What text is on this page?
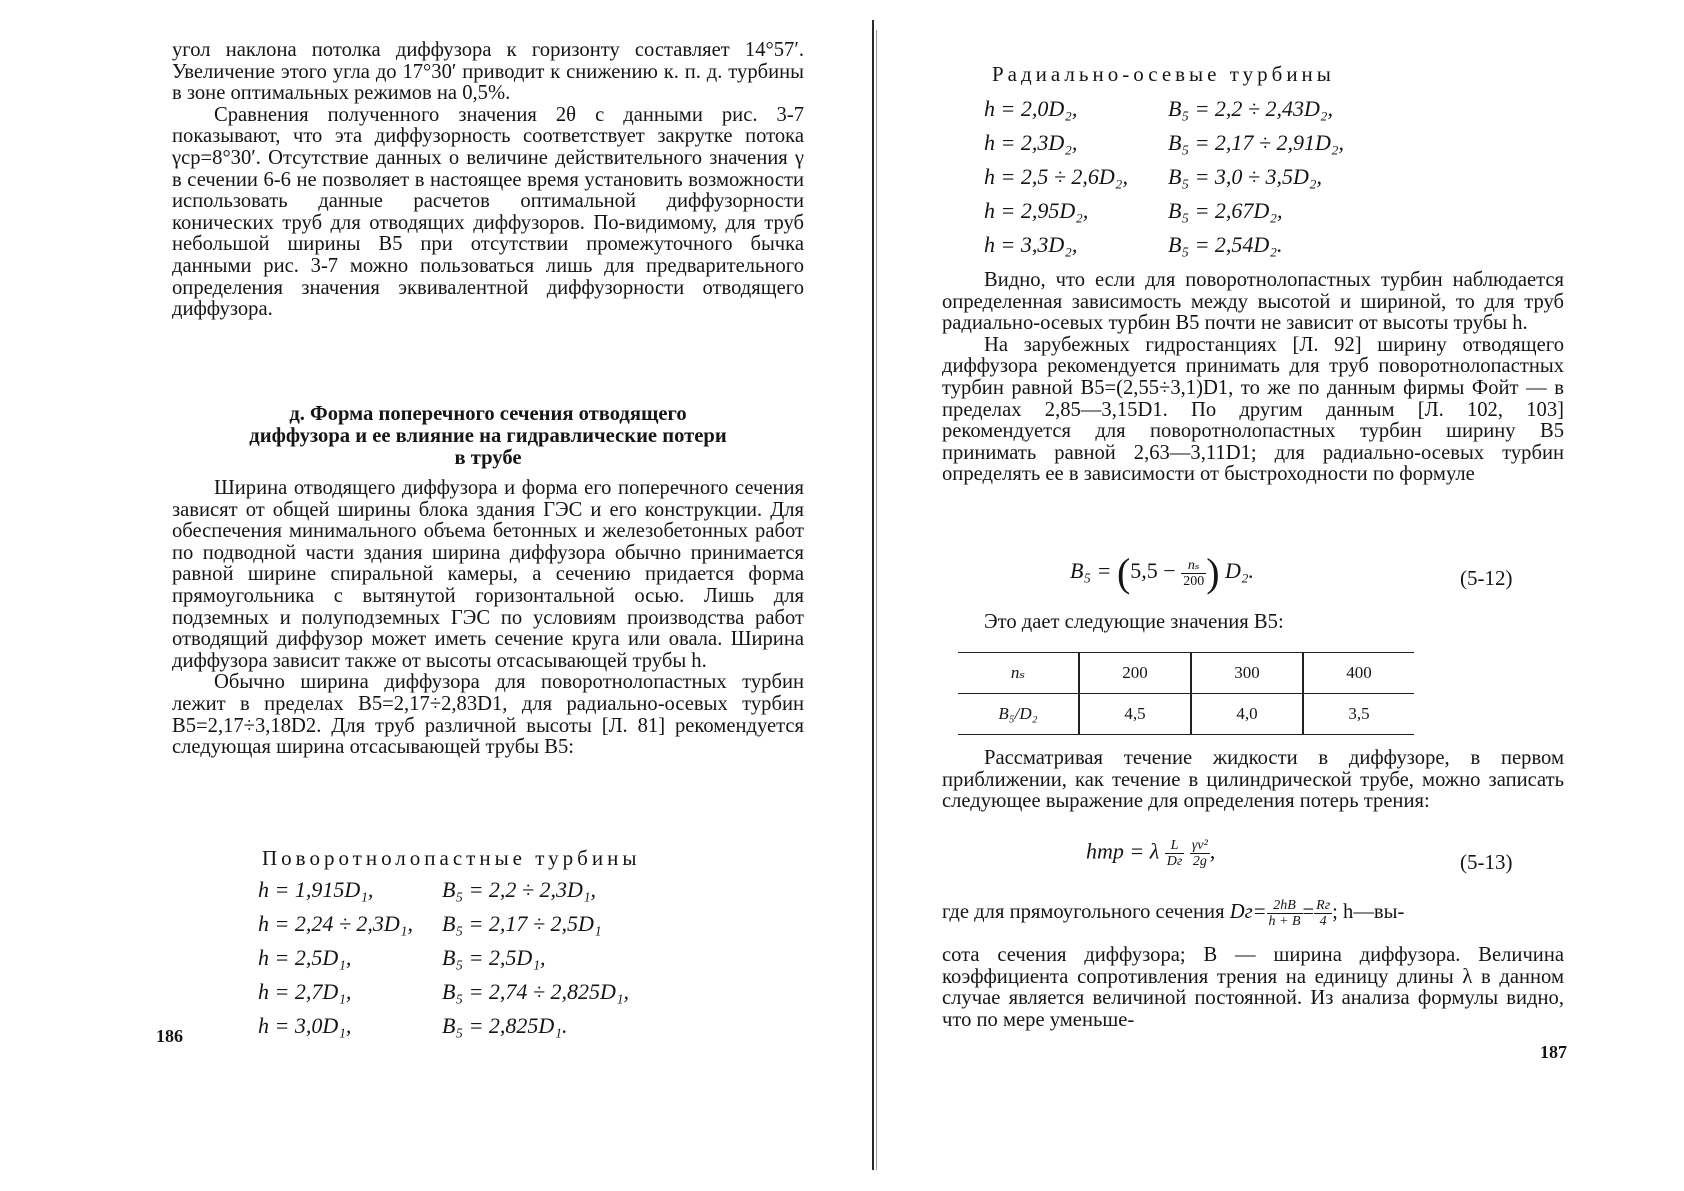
угол наклона потолка диффузора к горизонту составляет 14°57′. Увеличение этого угла до 17°30′ приводит к снижению к. п. д. турбины в зоне оптимальных режимов на 0,5%.

Сравнения полученного значения 2θ с данными рис. 3-7 показывают, что эта диффузорность соответствует закрутке потока γср=8°30′. Отсутствие данных о величине действительного значения γ в сечении 6-6 не позволяет в настоящее время установить возможности использовать данные расчетов оптимальной диффузорности конических труб для отводящих диффузоров. По-видимому, для труб небольшой ширины B5 при отсутствии промежуточного бычка данными рис. 3-7 можно пользоваться лишь для предварительного определения значения эквивалентной диффузорности отводящего диффузора.

д. Форма поперечного сечения отводящего
диффузора и ее влияние на гидравлические потери
в трубе

Ширина отводящего диффузора и форма его поперечного сечения зависят от общей ширины блока здания ГЭС и его конструкции. Для обеспечения минимального объема бетонных и железобетонных работ по подводной части здания ширина диффузора обычно принимается равной ширине спиральной камеры, а сечению придается форма прямоугольника с вытянутой горизонтальной осью. Лишь для подземных и полуподземных ГЭС по условиям производства работ отводящий диффузор может иметь сечение круга или овала. Ширина диффузора зависит также от высоты отсасывающей трубы h.

Обычно ширина диффузора для поворотнолопастных турбин лежит в пределах B5=2,17÷2,83D1, для радиально-осевых турбин B5=2,17÷3,18D2. Для труб различной высоты [Л. 81] рекомендуется следующая ширина отсасывающей трубы B5:

Поворотнолопастные турбины
h = 1,915D₁,	B₅ = 2,2 ÷ 2,3D₁,
h = 2,24 ÷ 2,3D₁,	B₅ = 2,17 ÷ 2,5D₁
h = 2,5D₁,	B₅ = 2,5D₁,
h = 2,7D₁,	B₅ = 2,74 ÷ 2,825D₁,
h = 3,0D₁,	B₅ = 2,825D₁.
186
Радиально-осевые турбины
h = 2,0D₂,	B₅ = 2,2 ÷ 2,43D₂,
h = 2,3D₂,	B₅ = 2,17 ÷ 2,91D₂,
h = 2,5 ÷ 2,6D₂,	B₅ = 3,0 ÷ 3,5D₂,
h = 2,95D₂,	B₅ = 2,67D₂,
h = 3,3D₂,	B₅ = 2,54D₂.

Видно, что если для поворотнолопастных турбин наблюдается определенная зависимость между высотой и шириной, то для труб радиально-осевых турбин B5 почти не зависит от высоты трубы h.

На зарубежных гидростанциях [Л. 92] ширину отводящего диффузора рекомендуется принимать для труб поворотнолопастных турбин равной B5=(2,55÷3,1)D1, то же по данным фирмы Фойт — в пределах 2,85—3,15D1. По другим данным [Л. 102, 103] рекомендуется для поворотнолопастных турбин ширину B5 принимать равной 2,63—3,11D1; для радиально-осевых турбин определять ее в зависимости от быстроходности по формуле

$B_5 = (5,5 - \frac{\text{nₛ}}{200}$ ) D₂.	(5-12)

Это дает следующие значения B5:

nₛ	200	300	400
B₅/D₂	4,5	4,0	3,5

Рассматривая течение жидкости в диффузоре, в первом приближении, как течение в цилиндрической трубе, можно записать следующее выражение для определения потерь трения:

hтр = λ $\frac{L}{Dг}$
$\frac{\text{γv²}}{2g}$ ,	(5-13)
где для прямоугольного сечения $Dг= \frac{2hB}{h + B} = \frac{Rг}{4}$ ; h—вы-

сота сечения диффузора; B — ширина диффузора. Величина коэффициента сопротивления трения на единицу длины λ в данном случае является величиной постоянной. Из анализа формулы видно, что по мере уменьше-

187
